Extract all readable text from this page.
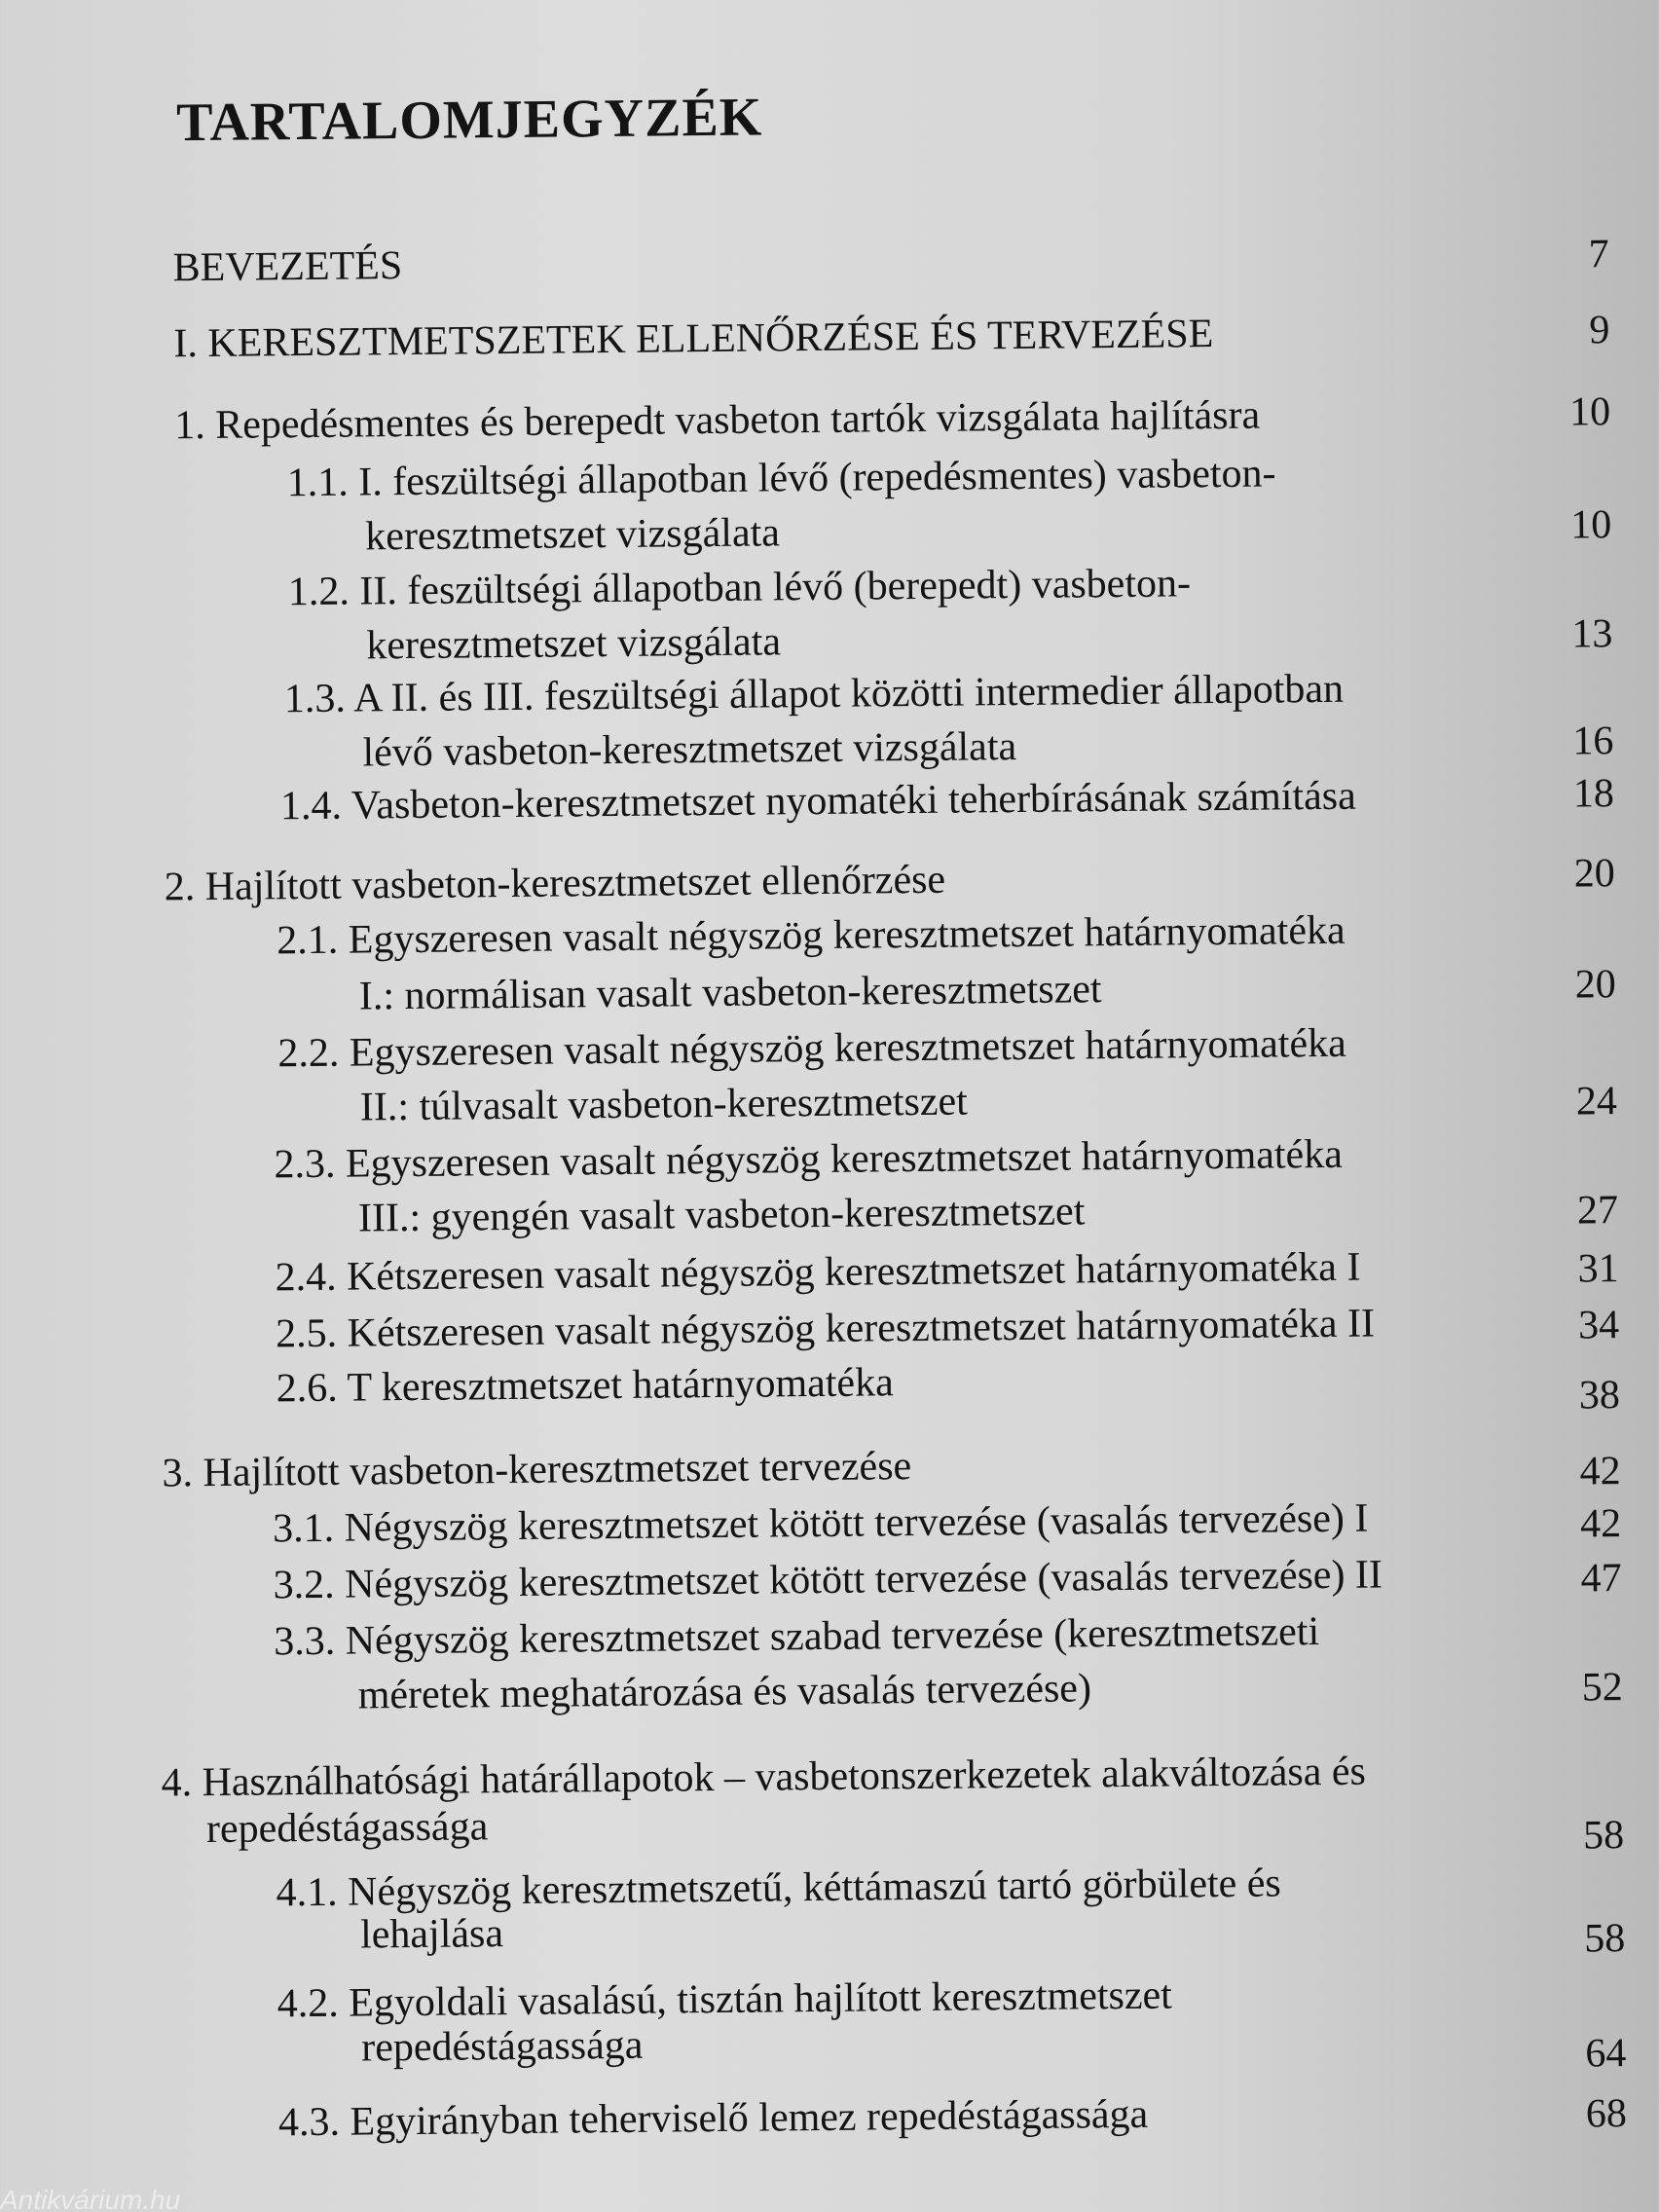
TARTALOMJEGYZÉK
BEVEZETÉS	7
I. KERESZTMETSZETEK ELLENŐRZÉSE ÉS TERVEZÉSE	9
1. Repedésmentes és berepedt vasbeton tartók vizsgálata hajlításra	10
1.1. I. feszültségi állapotban lévő (repedésmentes) vasbeton-
keresztmetszet vizsgálata	10
1.2. II. feszültségi állapotban lévő (berepedt) vasbeton-
keresztmetszet vizsgálata	13
1.3. A II. és III. feszültségi állapot közötti intermedier állapotban
lévő vasbeton-keresztmetszet vizsgálata	16
1.4. Vasbeton-keresztmetszet nyomatéki teherbírásának számítása	18
2. Hajlított vasbeton-keresztmetszet ellenőrzése	20
2.1. Egyszeresen vasalt négyszög keresztmetszet határnyomatéka
I.: normálisan vasalt vasbeton-keresztmetszet	20
2.2. Egyszeresen vasalt négyszög keresztmetszet határnyomatéka
II.: túlvasalt vasbeton-keresztmetszet	24
2.3. Egyszeresen vasalt négyszög keresztmetszet határnyomatéka
III.: gyengén vasalt vasbeton-keresztmetszet	27
2.4. Kétszeresen vasalt négyszög keresztmetszet határnyomatéka I	31
2.5. Kétszeresen vasalt négyszög keresztmetszet határnyomatéka II	34
2.6. T keresztmetszet határnyomatéka	38
3. Hajlított vasbeton-keresztmetszet tervezése	42
3.1. Négyszög keresztmetszet kötött tervezése (vasalás tervezése) I	42
3.2. Négyszög keresztmetszet kötött tervezése (vasalás tervezése) II	47
3.3. Négyszög keresztmetszet szabad tervezése (keresztmetszeti
méretek meghatározása és vasalás tervezése)	52
4. Használhatósági határállapotok – vasbetonszerkezetek alakváltozása és
repedéstágassága	58
4.1. Négyszög keresztmetszetű, kéttámaszú tartó görbülete és
lehajlása	58
4.2. Egyoldali vasalású, tisztán hajlított keresztmetszet
repedéstágassága	64
4.3. Egyirányban teherviselő lemez repedéstágassága	68
Antikvárium.hu
